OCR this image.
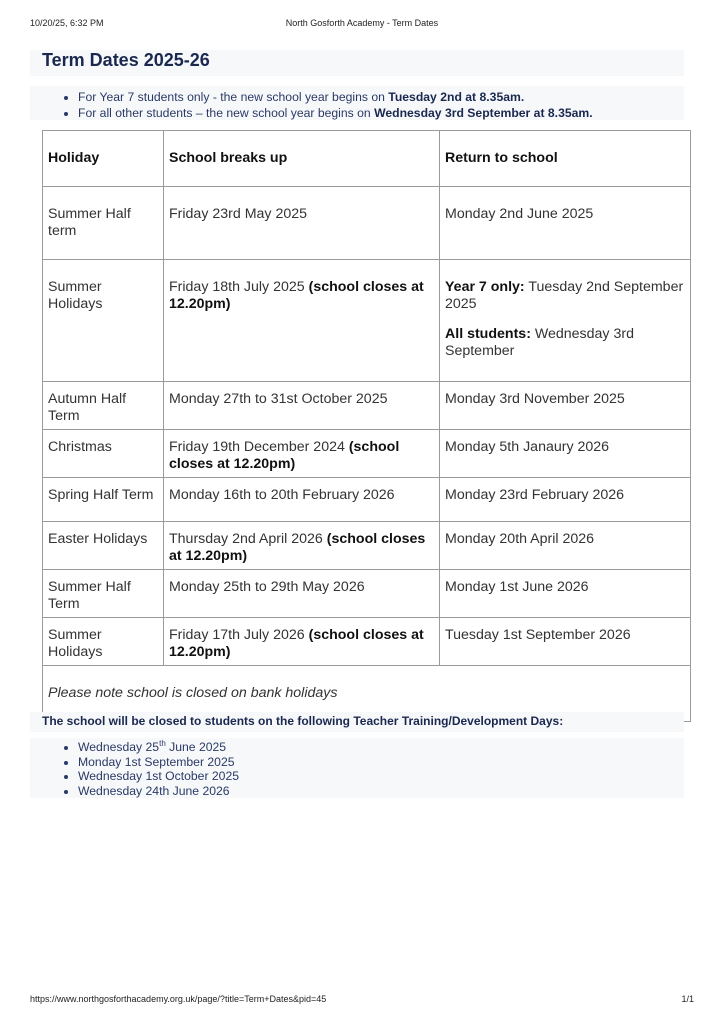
10/20/25, 6:32 PM	North Gosforth Academy - Term Dates
Term Dates 2025-26
• For Year 7 students only - the new school year begins on Tuesday 2nd at 8.35am.
• For all other students – the new school year begins on Wednesday 3rd September at 8.35am.
Holiday	School breaks up	Return to school
Summer Half term	Friday 23rd May 2025	Monday 2nd June 2025
Summer Holidays	Friday 18th July 2025 (school closes at 12.20pm)	Year 7 only: Tuesday 2nd September 2025
All students: Wednesday 3rd September
Autumn Half Term	Monday 27th to 31st October 2025	Monday 3rd November 2025
Christmas	Friday 19th December 2024 (school closes at 12.20pm)	Monday 5th Janaury 2026
Spring Half Term	Monday 16th to 20th February 2026	Monday 23rd February 2026
Easter Holidays	Thursday 2nd April 2026 (school closes at 12.20pm)	Monday 20th April 2026
Summer Half Term	Monday 25th to 29th May 2026	Monday 1st June 2026
Summer Holidays	Friday 17th July 2026 (school closes at 12.20pm)	Tuesday 1st September 2026
Please note school is closed on bank holidays		

The school will be closed to students on the following Teacher Training/Development Days:

• Wednesday 25th June 2025
• Monday 1st September 2025
• Wednesday 1st October 2025
• Wednesday 24th June 2026
https://www.northgosforthacademy.org.uk/page/?title=Term+Dates&pid=45	1/1
